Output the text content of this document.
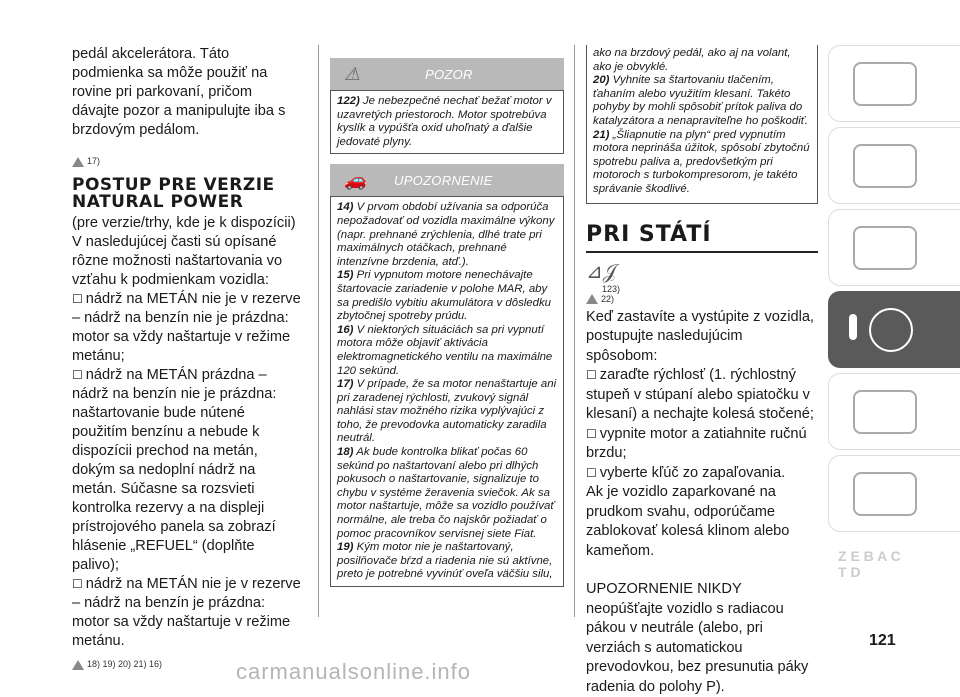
pedál akcelerátora. Táto podmienka sa môže použiť na rovine pri parkovaní, pričom dávajte pozor a manipulujte iba s brzdovým pedálom.

17)
POSTUP PRE VERZIE NATURAL POWER

(pre verzie/trhy, kde je k dispozícii)

V nasledujúcej časti sú opísané rôzne možnosti naštartovania vo vzťahu k podmienkam vozidla:

☐ nádrž na METÁN nie je v rezerve – nádrž na benzín nie je prázdna: motor sa vždy naštartuje v režime metánu;

☐ nádrž na METÁN prázdna – nádrž na benzín nie je prázdna: naštartovanie bude nútené použitím benzínu a nebude k dispozícii prechod na metán, dokým sa nedoplní nádrž na metán. Súčasne sa rozsvieti kontrolka rezervy a na displeji prístrojového panela sa zobrazí hlásenie „REFUEL“ (doplňte palivo);

☐ nádrž na METÁN nie je v rezerve – nádrž na benzín je prázdna: motor sa vždy naštartuje v režime metánu.

18) 19) 20) 21) 16)
⚠	POZOR

122) Je nebezpečné nechať bežať motor v uzavretých priestoroch. Motor spotrebúva kyslík a vypúšťa oxid uhoľnatý a ďalšie jedovaté plyny.

🚗 UPOZORNENIE

14) V prvom období užívania sa odporúča nepožadovať od vozidla maximálne výkony (napr. prehnané zrýchlenia, dlhé trate pri maximálnych otáčkach, prehnané intenzívne brzdenia, atď.).

15) Pri vypnutom motore nenechávajte štartovacie zariadenie v polohe MAR, aby sa predišlo vybitiu akumulátora v dôsledku zbytočnej spotreby prúdu.

16) V niektorých situáciách sa pri vypnutí motora môže objaviť aktivácia elektromagnetického ventilu na maximálne 120 sekúnd.

17) V prípade, že sa motor nenaštartuje ani pri zaradenej rýchlosti, zvukový signál nahlási stav možného rizika vyplývajúci z toho, že prevodovka automaticky zaradila neutrál.

18) Ak bude kontrolka blikať počas 60 sekúnd po naštartovaní alebo pri dlhých pokusoch o naštartovanie, signalizuje to chybu v systéme žeravenia sviečok. Ak sa motor naštartuje, môže sa vozidlo používať normálne, ale treba čo najskôr požiadať o pomoc pracovníkov servisnej siete Fiat.

19) Kým motor nie je naštartovaný, posilňovače bŕzd a riadenia nie sú aktívne, preto je potrebné vyvinúť oveľa väčšiu silu,

ako na brzdový pedál, ako aj na volant, ako je obvyklé.

20) Vyhnite sa štartovaniu tlačením, ťahaním alebo využitím klesaní. Takéto pohyby by mohli spôsobiť prítok paliva do katalyzátora a nenapraviteľne ho poškodiť.

21) „Šliapnutie na plyn“ pred vypnutím motora neprináša úžitok, spôsobí zbytočnú spotrebu paliva a, predovšetkým pri motoroch s turbokompresorom, je takéto správanie škodlivé.

PRI STÁTÍ
⊿𝒥
123)
22)

Keď zastavíte a vystúpite z vozidla, postupujte nasledujúcim spôsobom:

☐ zaraďte rýchlosť (1. rýchlostný stupeň v stúpaní alebo spiatočku v klesaní) a nechajte kolesá stočené;

☐ vypnite motor a zatiahnite ručnú brzdu;

☐ vyberte kľúč zo zapaľovania.

Ak je vozidlo zaparkované na prudkom svahu, odporúčame zablokovať kolesá klinom alebo kameňom.

UPOZORNENIE NIKDY neopúšťajte vozidlo s radiacou pákou v neutrále (alebo, pri verziách s automatickou prevodovkou, bez presunutia páky radenia do polohy P).

Z E B A C T D
121
carmanualsonline.info
